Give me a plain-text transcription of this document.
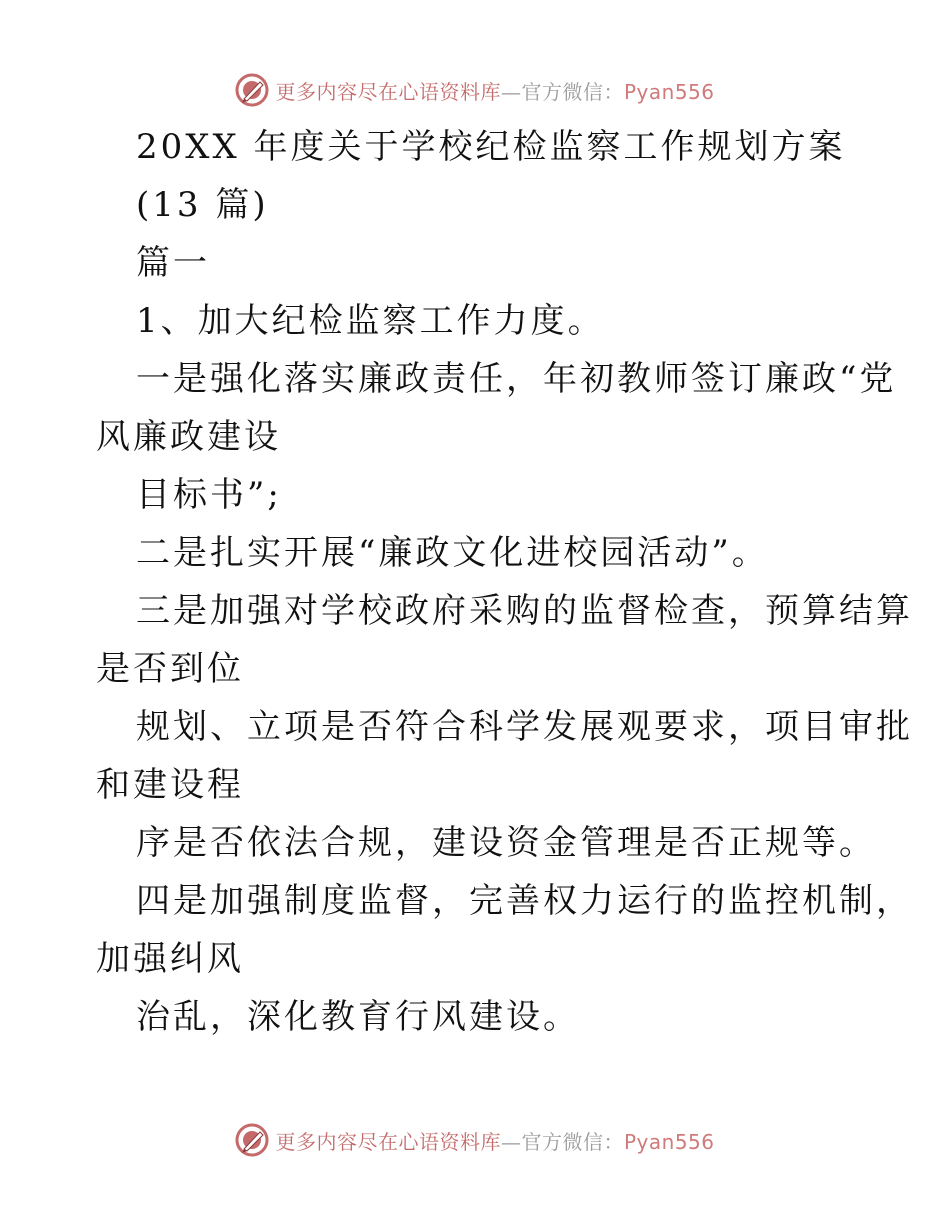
更多内容尽在心语资料库—官方微信：Pyan556
20XX 年度关于学校纪检监察工作规划方案
(13 篇)
篇一
1、加大纪检监察工作力度。
一是强化落实廉政责任，年初教师签订廉政“党
风廉政建设
目标书”;
二是扎实开展“廉政文化进校园活动”。
三是加强对学校政府采购的监督检查，预算结算
是否到位
规划、立项是否符合科学发展观要求，项目审批
和建设程
序是否依法合规，建设资金管理是否正规等。
四是加强制度监督，完善权力运行的监控机制，
加强纠风
治乱，深化教育行风建设。
更多内容尽在心语资料库—官方微信：Pyan556
